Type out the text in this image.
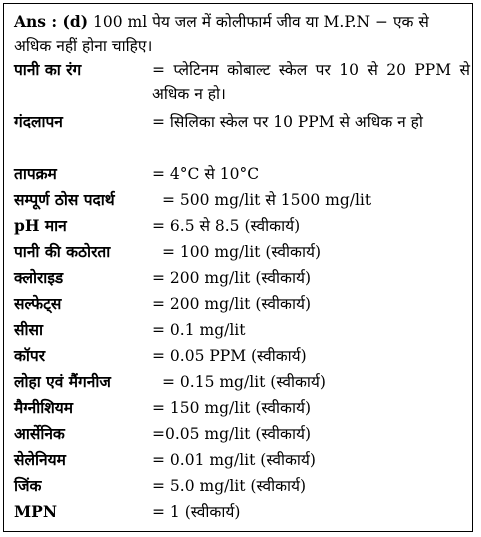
Ans : (d) 100 ml पेय जल में कोलीफार्म जीव या M.P.N − एक से अधिक नहीं होना चाहिए।
पानी का रंग	= प्लेटिनम कोबाल्ट स्केल पर 10 से 20 PPM से अधिक न हो।
गंदलापन	= सिलिका स्केल पर 10 PPM से अधिक न हो
तापक्रम	= 4°C से 10°C
सम्पूर्ण ठोस पदार्थ	= 500 mg/lit से 1500 mg/lit
pH मान	= 6.5 से 8.5 (स्वीकार्य)
पानी की कठोरता	= 100 mg/lit (स्वीकार्य)
क्लोराइड	= 200 mg/lit (स्वीकार्य)
सल्फेट्स	= 200 mg/lit (स्वीकार्य)
सीसा	= 0.1 mg/lit
कॉपर	= 0.05 PPM (स्वीकार्य)
लोहा एवं मैंगनीज	= 0.15 mg/lit (स्वीकार्य)
मैग्नीशियम	= 150 mg/lit (स्वीकार्य)
आर्सेनिक	=0.05 mg/lit (स्वीकार्य)
सेलेनियम	= 0.01 mg/lit (स्वीकार्य)
जिंक	= 5.0 mg/lit (स्वीकार्य)
MPN	= 1 (स्वीकार्य)
